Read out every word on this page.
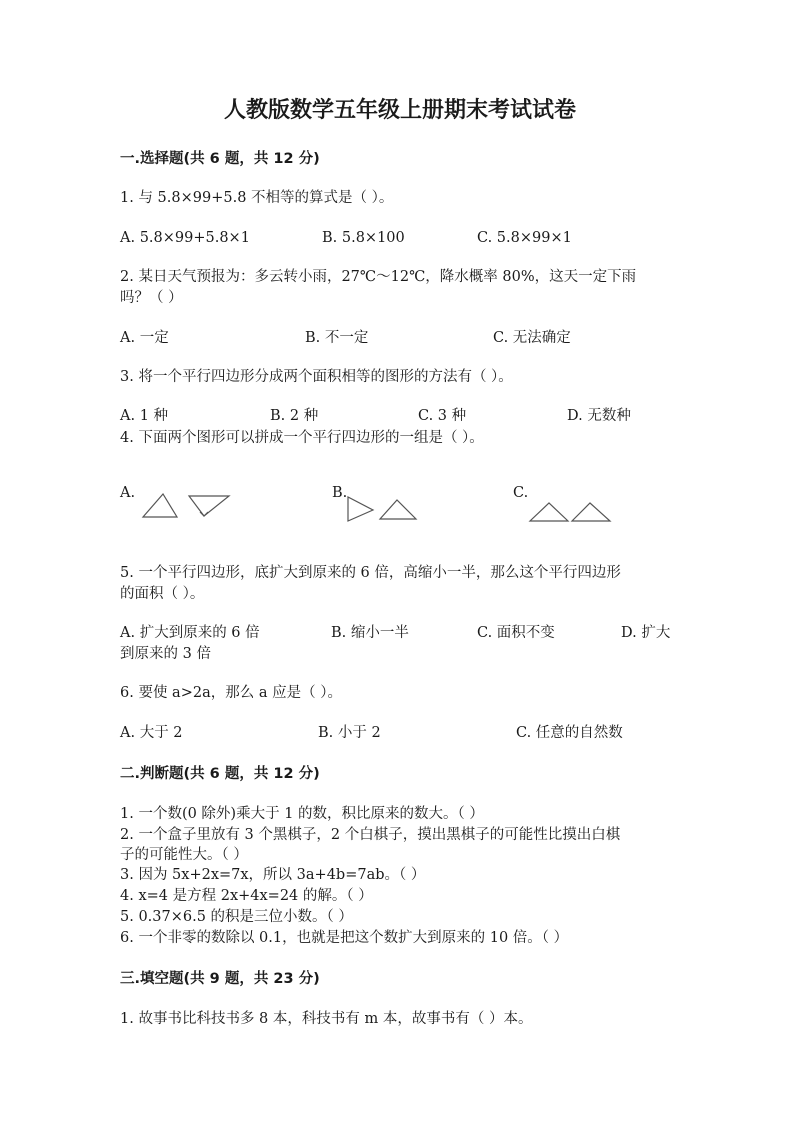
人教版数学五年级上册期末考试试卷
一.选择题(共 6 题，共 12 分)
1. 与 5.8×99+5.8 不相等的算式是（ ）。
A. 5.8×99+5.8×1	B. 5.8×100	C. 5.8×99×1
2. 某日天气预报为：多云转小雨，27℃～12℃，降水概率 80%，这天一定下雨
吗？（ ）
A. 一定	B. 不一定	C. 无法确定
3. 将一个平行四边形分成两个面积相等的图形的方法有（ ）。
A. 1 种	B. 2 种	C. 3 种	D. 无数种
4. 下面两个图形可以拼成一个平行四边形的一组是（ ）。
A.	B.	C.
5. 一个平行四边形，底扩大到原来的 6 倍，高缩小一半，那么这个平行四边形
的面积（ ）。
A. 扩大到原来的 6 倍	B. 缩小一半	C. 面积不变	D. 扩大
到原来的 3 倍
6. 要使 a>2a，那么 a 应是（ ）。
A. 大于 2	B. 小于 2	C. 任意的自然数
二.判断题(共 6 题，共 12 分)
1. 一个数(0 除外)乘大于 1 的数，积比原来的数大。（ ）
2. 一个盒子里放有 3 个黑棋子，2 个白棋子，摸出黑棋子的可能性比摸出白棋
子的可能性大。（ ）
3. 因为 5x+2x=7x，所以 3a+4b=7ab。（ ）
4. x=4 是方程 2x+4x=24 的解。（ ）
5. 0.37×6.5 的积是三位小数。（ ）
6. 一个非零的数除以 0.1，也就是把这个数扩大到原来的 10 倍。（ ）
三.填空题(共 9 题，共 23 分)
1. 故事书比科技书多 8 本，科技书有 m 本，故事书有（ ）本。
